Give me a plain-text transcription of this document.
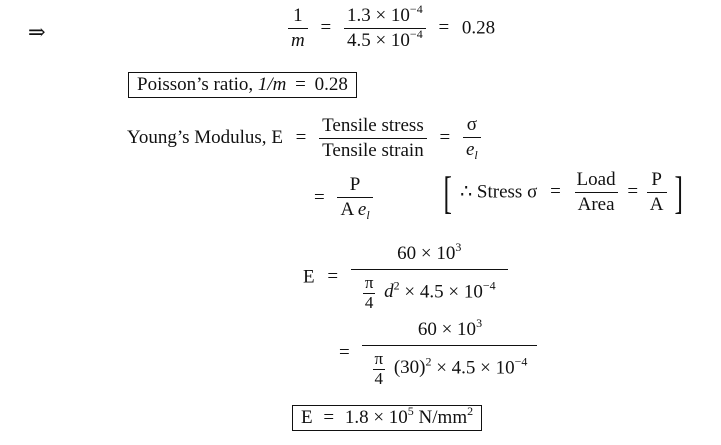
⇒	$\frac{1}{m} = \frac{1.3 \times 10^{-4}}{4.5 \times 10^{-4}} = 0.28$
Poisson’s ratio, 1/m = 0.28
Young’s Modulus, $E = \frac{\text{Tensile stress}}{\text{Tensile strain}} = \frac{\sigma}{e_l}$
= $\frac{P}{A e_l}$ [ ∴ Stress $\sigma = \frac{\text{Load}}{\text{Area}} = \frac{P}{A}$ ]
$E = \frac{60 \times 10^3}{\frac{\pi}{4} d^2 \times 4.5 \times 10^{-4}}$
= $\frac{60 \times 10^3}{\frac{\pi}{4} (30)^2 \times 4.5 \times 10^{-4}}$
$E = 1.8 \times 10^5$ $N/mm^2$
